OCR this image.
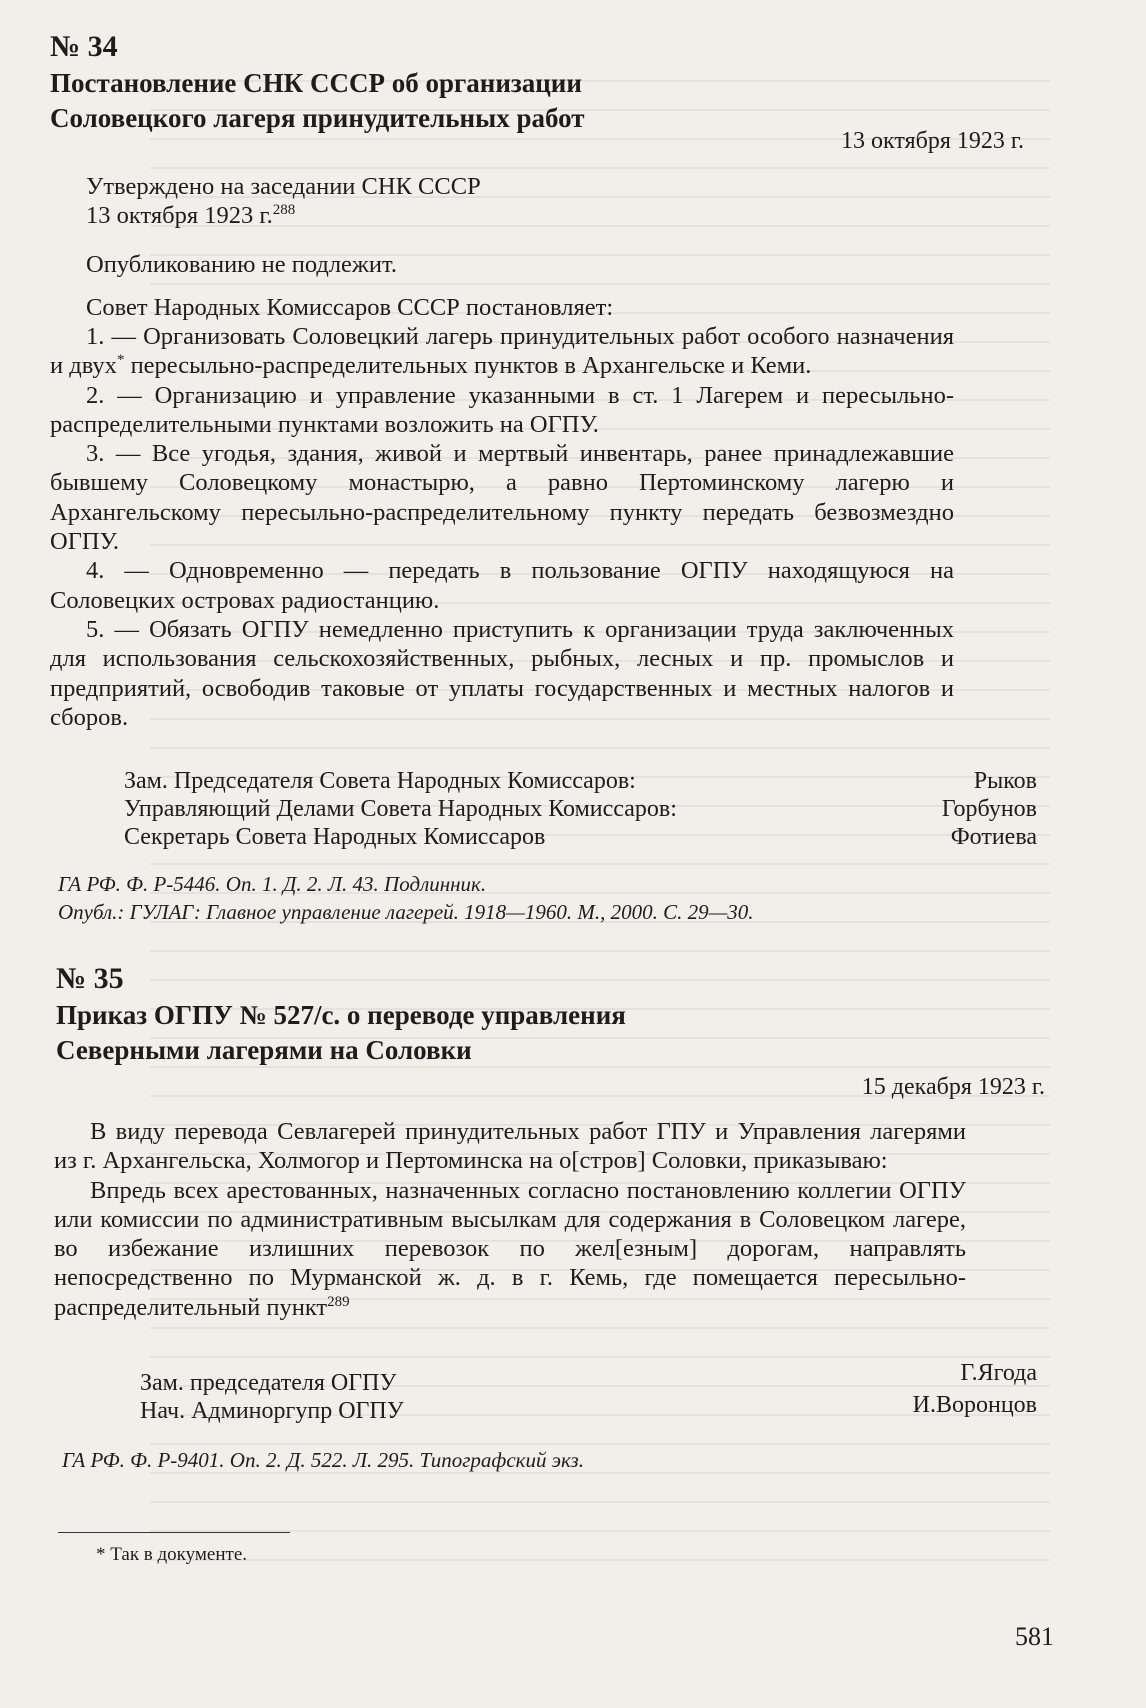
№ 34
Постановление СНК СССР об организации
Соловецкого лагеря принудительных работ
13 октября 1923 г.
Утверждено на заседании СНК СССР
13 октября 1923 г.$^{288}$
Опубликованию не подлежит.
Совет Народных Комиссаров СССР постановляет:

1. — Организовать Соловецкий лагерь принудительных работ особого назначения и двух* пересыльно-распределительных пунктов в Архангельске и Кеми.

2. — Организацию и управление указанными в ст. 1 Лагерем и пересыльно-распределительными пунктами возложить на ОГПУ.

3. — Все угодья, здания, живой и мертвый инвентарь, ранее принадлежавшие бывшему Соловецкому монастырю, а равно Пертоминскому лагерю и Архангельскому пересыльно-распределительному пункту передать безвозмездно ОГПУ.

4. — Одновременно — передать в пользование ОГПУ находящуюся на Соловецких островах радиостанцию.

5. — Обязать ОГПУ немедленно приступить к организации труда заключенных для использования сельскохозяйственных, рыбных, лесных и пр. промыслов и предприятий, освободив таковые от уплаты государственных и местных налогов и сборов.

Зам. Председателя Совета Народных Комиссаров:	Рыков
Управляющий Делами Совета Народных Комиссаров:	Горбунов
Секретарь Совета Народных Комиссаров	Фотиева
ГА РФ. Ф. Р-5446. Оп. 1. Д. 2. Л. 43. Подлинник.
Опубл.: ГУЛАГ: Главное управление лагерей. 1918—1960. М., 2000. С. 29—30.
№ 35
Приказ ОГПУ № 527/с. о переводе управления
Северными лагерями на Соловки
15 декабря 1923 г.

В виду перевода Севлагерей принудительных работ ГПУ и Управления лагерями из г. Архангельска, Холмогор и Пертоминска на о[стров] Соловки, приказываю:

Впредь всех арестованных, назначенных согласно постановлению коллегии ОГПУ или комиссии по административным высылкам для содержания в Соловецком лагере, во избежание излишних перевозок по жел[езным] дорогам, направлять непосредственно по Мурманской ж. д. в г. Кемь, где помещается пересыльно-распределительный пункт$^{289}$

Зам. председателя ОГПУ	Г.Ягода
Нач. Админоргупр ОГПУ	И.Воронцов
ГА РФ. Ф. Р-9401. Оп. 2. Д. 522. Л. 295. Типографский экз.
* Так в документе.
581
